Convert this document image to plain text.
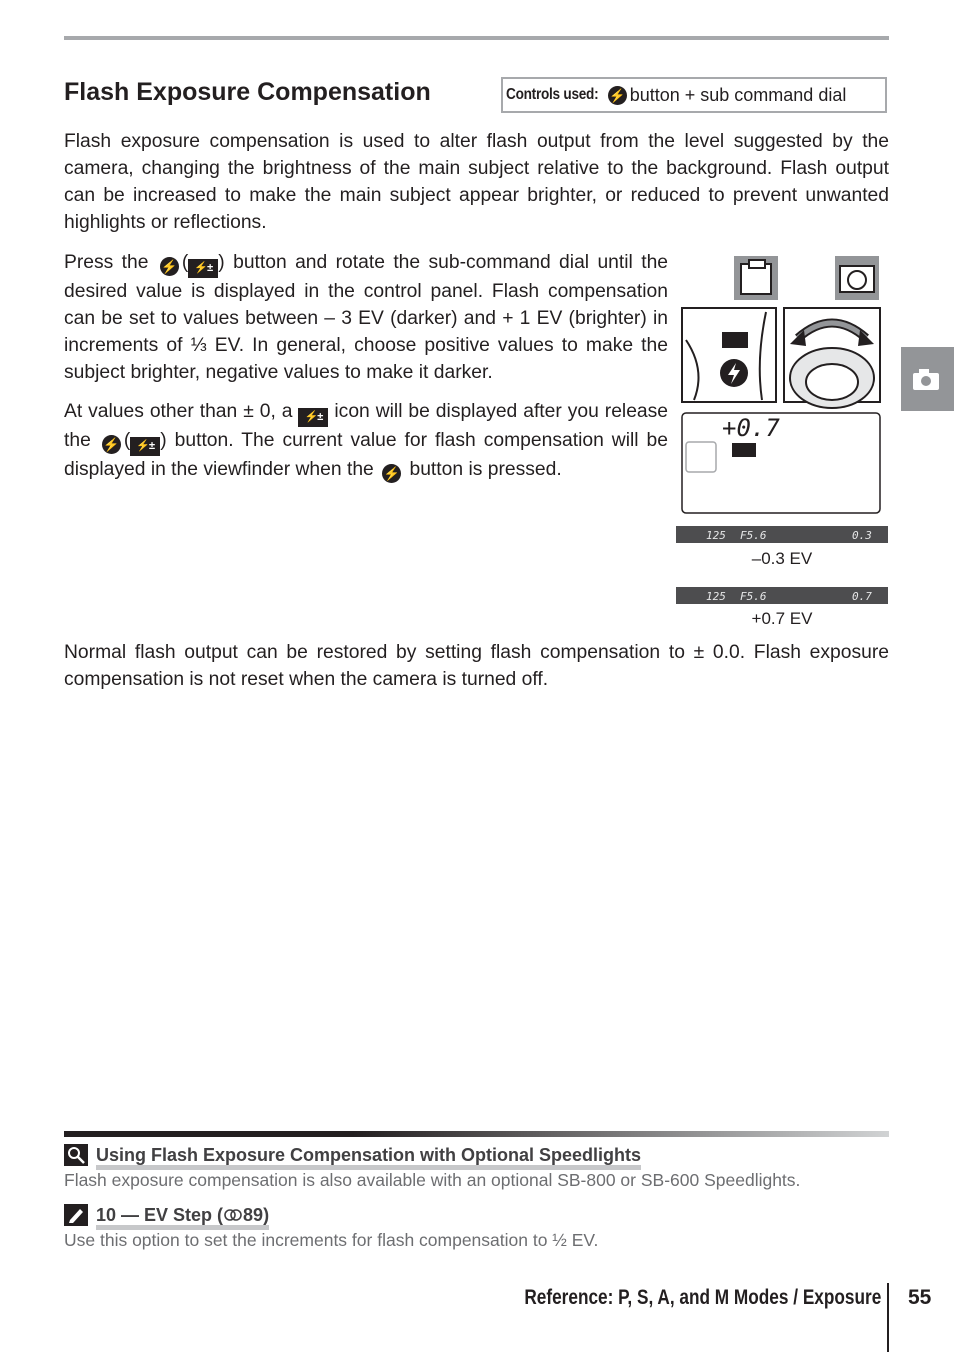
Flash Exposure Compensation	Controls used: ⚡ button + sub command dial
Flash exposure compensation is used to alter flash output from the level suggested by the camera, changing the brightness of the main subject relative to the background. Flash output can be increased to make the main subject appear brighter, or reduced to prevent unwanted highlights or reflections.
Press the ⚡ ( ⚡± ) button and rotate the sub-command dial until the desired value is displayed in the control panel. Flash compensation can be set to values between – 3 EV (darker) and + 1 EV (brighter) in increments of ⅓ EV. In general, choose positive values to make the subject brighter, negative values to make it darker.
At values other than ± 0, a ⚡± icon will be displayed after you release the ⚡ ( ⚡± ) button. The current value for flash compensation will be displayed in the viewfinder when the ⚡ button is pressed.
+0.7
125 F5.6	0.3
125 F5.6	0.7
–0.3 EV
+0.7 EV
Normal flash output can be restored by setting flash compensation to ± 0.0. Flash exposure compensation is not reset when the camera is turned off.
Using Flash Exposure Compensation with Optional Speedlights
Flash exposure compensation is also available with an optional SB-800 or SB-600 Speedlights.
10 — EV Step ( 89)
Use this option to set the increments for flash compensation to ½ EV.
Reference: P, S, A, and M Modes / Exposure 55
